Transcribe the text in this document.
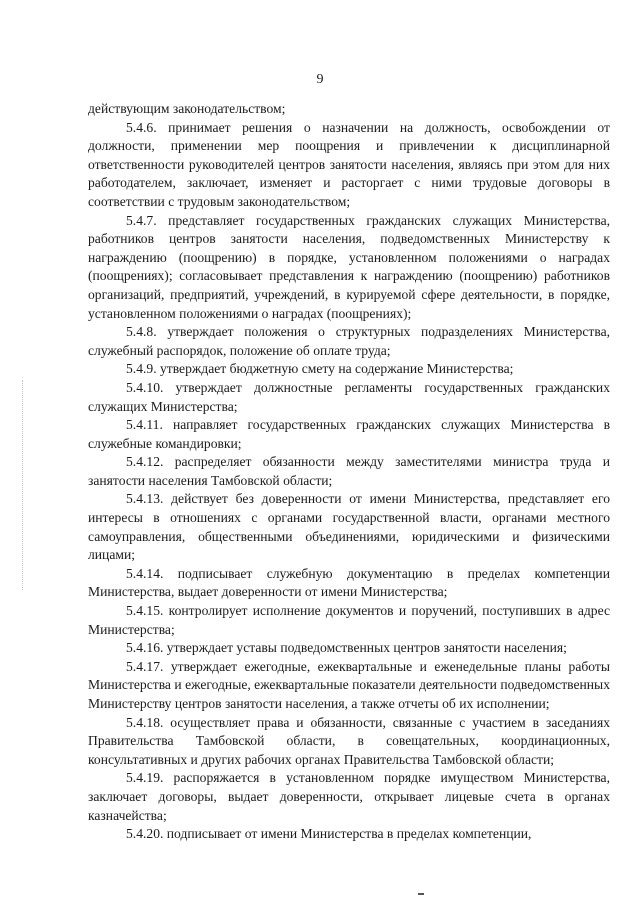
9

действующим законодательством;

5.4.6. принимает решения о назначении на должность, освобождении от должности, применении мер поощрения и привлечении к дисциплинарной ответственности руководителей центров занятости населения, являясь при этом для них работодателем, заключает, изменяет и расторгает с ними трудовые договоры в соответствии с трудовым законодательством;

5.4.7. представляет государственных гражданских служащих Министерства, работников центров занятости населения, подведомственных Министерству к награждению (поощрению) в порядке, установленном положениями о наградах (поощрениях); согласовывает представления к награждению (поощрению) работников организаций, предприятий, учреждений, в курируемой сфере деятельности, в порядке, установленном положениями о наградах (поощрениях);

5.4.8. утверждает положения о структурных подразделениях Министерства, служебный распорядок, положение об оплате труда;

5.4.9. утверждает бюджетную смету на содержание Министерства;

5.4.10. утверждает должностные регламенты государственных гражданских служащих Министерства;

5.4.11. направляет государственных гражданских служащих Министерства в служебные командировки;

5.4.12. распределяет обязанности между заместителями министра труда и занятости населения Тамбовской области;

5.4.13. действует без доверенности от имени Министерства, представляет его интересы в отношениях с органами государственной власти, органами местного самоуправления, общественными объединениями, юридическими и физическими лицами;

5.4.14. подписывает служебную документацию в пределах компетенции Министерства, выдает доверенности от имени Министерства;

5.4.15. контролирует исполнение документов и поручений, поступивших в адрес Министерства;

5.4.16. утверждает уставы подведомственных центров занятости населения;

5.4.17. утверждает ежегодные, ежеквартальные и еженедельные планы работы Министерства и ежегодные, ежеквартальные показатели деятельности подведомственных Министерству центров занятости населения, а также отчеты об их исполнении;

5.4.18. осуществляет права и обязанности, связанные с участием в заседаниях Правительства Тамбовской области, в совещательных, координационных, консультативных и других рабочих органах Правительства Тамбовской области;

5.4.19. распоряжается в установленном порядке имуществом Министерства, заключает договоры, выдает доверенности, открывает лицевые счета в органах казначейства;

5.4.20. подписывает от имени Министерства в пределах компетенции,
